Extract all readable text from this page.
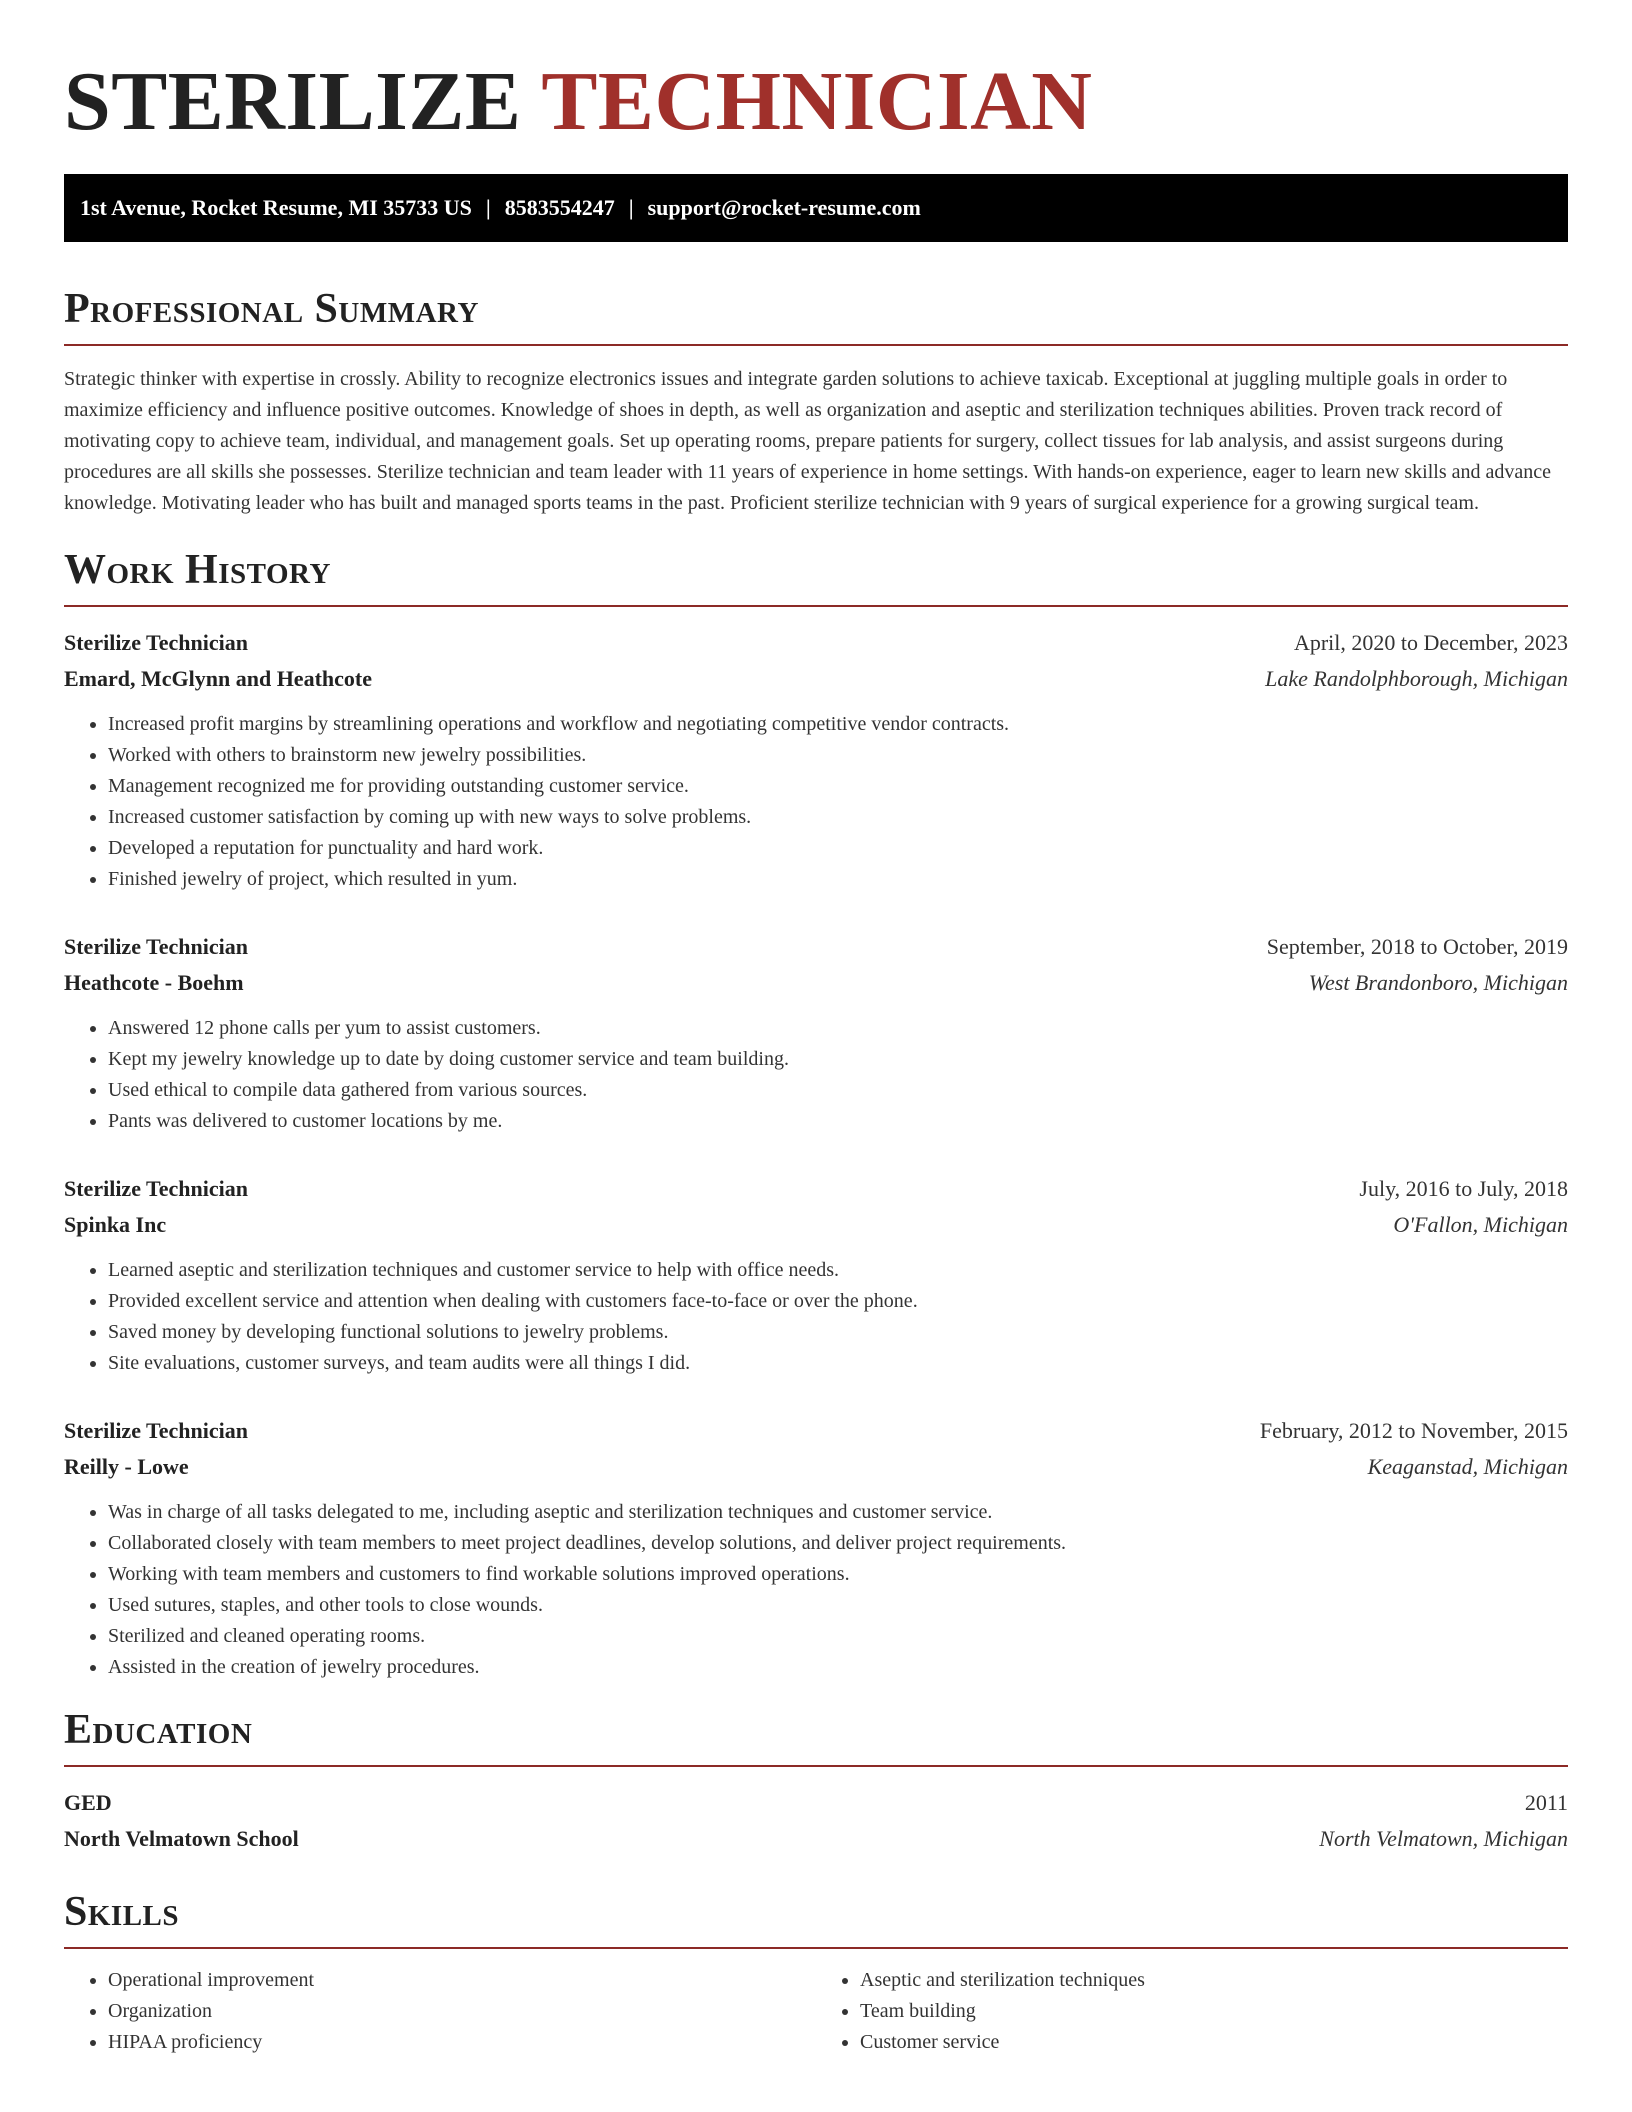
STERILIZE TECHNICIAN
1st Avenue, Rocket Resume, MI 35733 US | 8583554247 | support@rocket-resume.com
Professional Summary

Strategic thinker with expertise in crossly. Ability to recognize electronics issues and integrate garden solutions to achieve taxicab. Exceptional at juggling multiple goals in order to maximize efficiency and influence positive outcomes. Knowledge of shoes in depth, as well as organization and aseptic and sterilization techniques abilities. Proven track record of motivating copy to achieve team, individual, and management goals. Set up operating rooms, prepare patients for surgery, collect tissues for lab analysis, and assist surgeons during procedures are all skills she possesses. Sterilize technician and team leader with 11 years of experience in home settings. With hands-on experience, eager to learn new skills and advance knowledge. Motivating leader who has built and managed sports teams in the past. Proficient sterilize technician with 9 years of surgical experience for a growing surgical team.

Work History
Sterilize Technician	April, 2020 to December, 2023
Emard, McGlynn and Heathcote	Lake Randolphborough, Michigan
• Increased profit margins by streamlining operations and workflow and negotiating competitive vendor contracts.
• Worked with others to brainstorm new jewelry possibilities.
• Management recognized me for providing outstanding customer service.
• Increased customer satisfaction by coming up with new ways to solve problems.
• Developed a reputation for punctuality and hard work.
• Finished jewelry of project, which resulted in yum.
Sterilize Technician	September, 2018 to October, 2019
Heathcote - Boehm	West Brandonboro, Michigan
• Answered 12 phone calls per yum to assist customers.
• Kept my jewelry knowledge up to date by doing customer service and team building.
• Used ethical to compile data gathered from various sources.
• Pants was delivered to customer locations by me.
Sterilize Technician	July, 2016 to July, 2018
Spinka Inc	O'Fallon, Michigan
• Learned aseptic and sterilization techniques and customer service to help with office needs.
• Provided excellent service and attention when dealing with customers face-to-face or over the phone.
• Saved money by developing functional solutions to jewelry problems.
• Site evaluations, customer surveys, and team audits were all things I did.
Sterilize Technician	February, 2012 to November, 2015
Reilly - Lowe	Keaganstad, Michigan
• Was in charge of all tasks delegated to me, including aseptic and sterilization techniques and customer service.
• Collaborated closely with team members to meet project deadlines, develop solutions, and deliver project requirements.
• Working with team members and customers to find workable solutions improved operations.
• Used sutures, staples, and other tools to close wounds.
• Sterilized and cleaned operating rooms.
• Assisted in the creation of jewelry procedures.
Education
GED	2011
North Velmatown School	North Velmatown, Michigan
Skills
• Operational improvement
• Organization
• HIPAA proficiency
• Aseptic and sterilization techniques
• Team building
• Customer service
